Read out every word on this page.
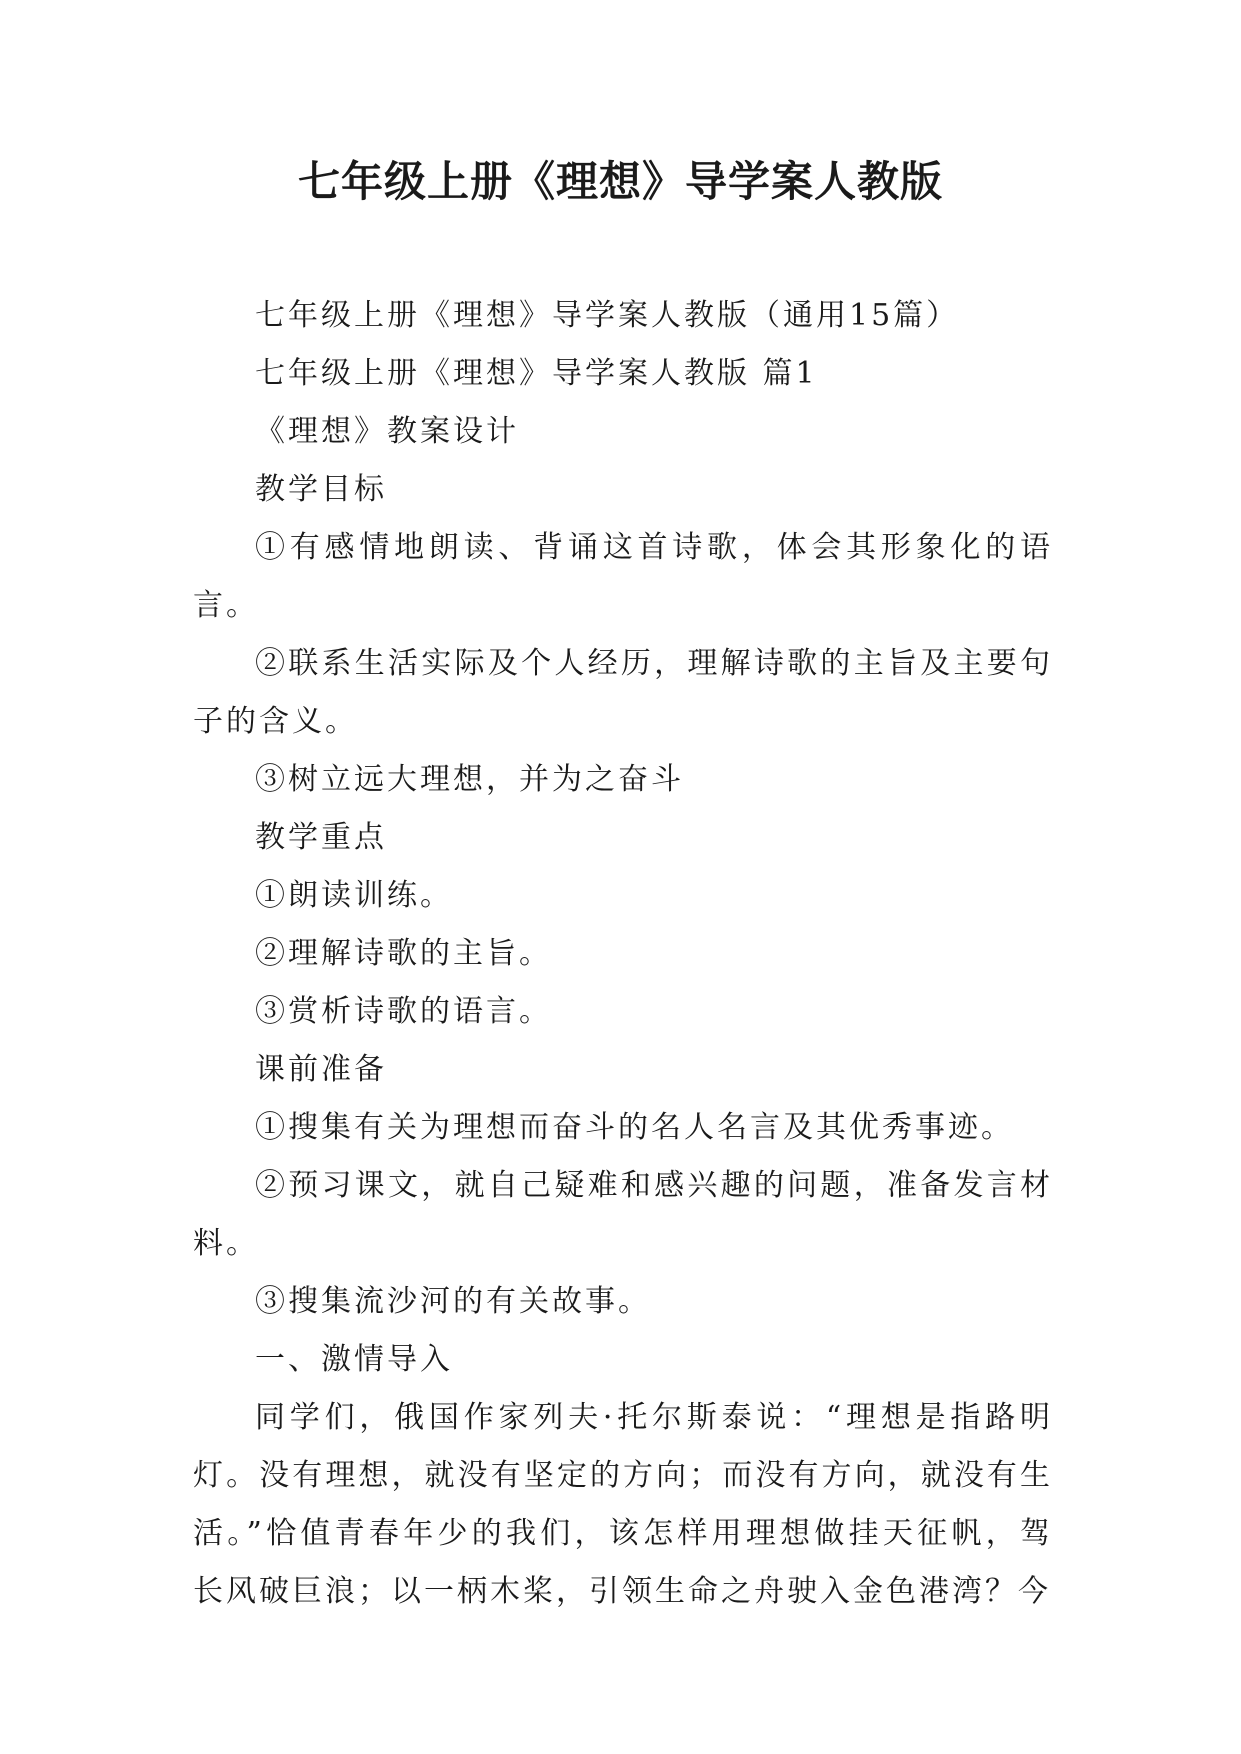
七年级上册《理想》导学案人教版

七年级上册《理想》导学案人教版（通用15篇）

七年级上册《理想》导学案人教版 篇1

《理想》教案设计

教学目标

①有感情地朗读、背诵这首诗歌，体会其形象化的语言。

②联系生活实际及个人经历，理解诗歌的主旨及主要句子的含义。

③树立远大理想，并为之奋斗

教学重点

①朗读训练。

②理解诗歌的主旨。

③赏析诗歌的语言。

课前准备

①搜集有关为理想而奋斗的名人名言及其优秀事迹。

②预习课文，就自己疑难和感兴趣的问题，准备发言材料。

③搜集流沙河的有关故事。

一、激情导入

同学们，俄国作家列夫·托尔斯泰说：“理想是指路明灯。没有理想，就没有坚定的方向；而没有方向，就没有生活。”恰值青春年少的我们，该怎样用理想做挂天征帆，驾长风破巨浪；以一柄木桨，引领生命之舟驶入金色港湾？今
